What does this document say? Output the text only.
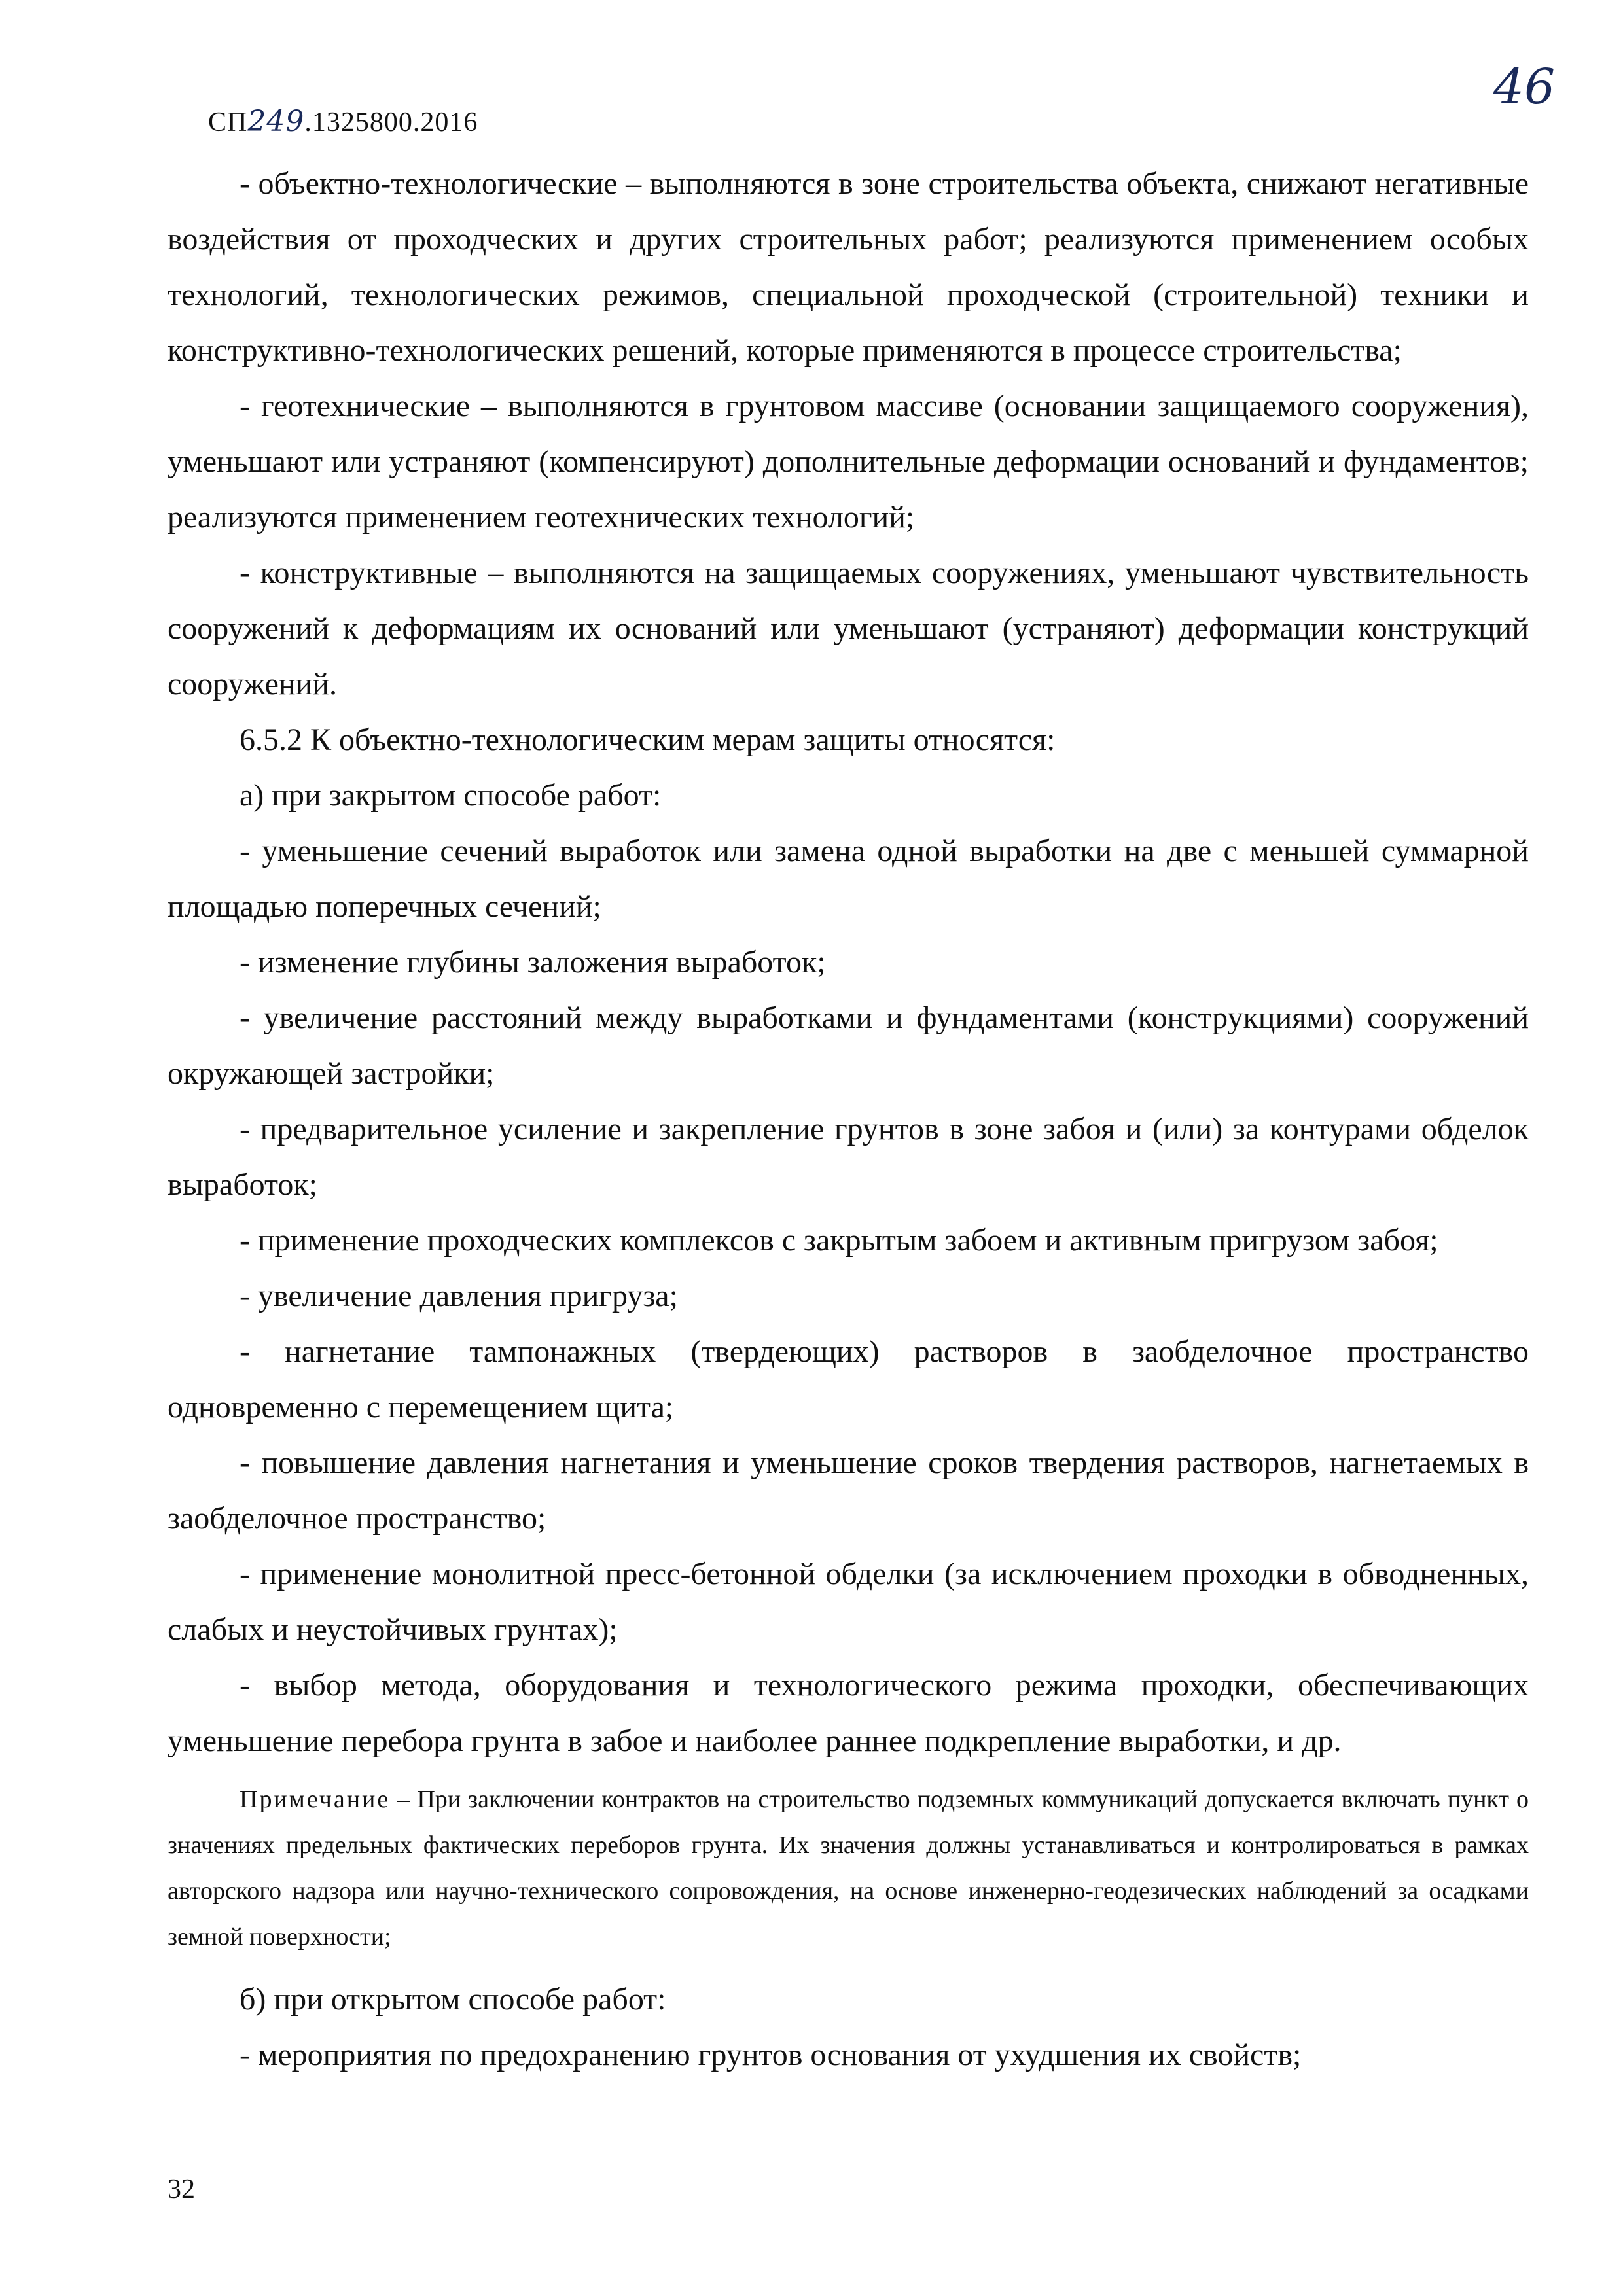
СП249.1325800.2016
46

- объектно-технологические – выполняются в зоне строительства объекта, снижают негативные воздействия от проходческих и других строительных работ; реализуются применением особых технологий, технологических режимов, специальной проходческой (строительной) техники и конструктивно-технологических решений, которые применяются в процессе строительства;

- геотехнические – выполняются в грунтовом массиве (основании защищаемого сооружения), уменьшают или устраняют (компенсируют) дополнительные деформации оснований и фундаментов; реализуются применением геотехнических технологий;

- конструктивные – выполняются на защищаемых сооружениях, уменьшают чувствительность сооружений к деформациям их оснований или уменьшают (устраняют) деформации конструкций сооружений.

6.5.2 К объектно-технологическим мерам защиты относятся:

а) при закрытом способе работ:

- уменьшение сечений выработок или замена одной выработки на две с меньшей суммарной площадью поперечных сечений;

- изменение глубины заложения выработок;

- увеличение расстояний между выработками и фундаментами (конструкциями) сооружений окружающей застройки;

- предварительное усиление и закрепление грунтов в зоне забоя и (или) за контурами обделок выработок;

- применение проходческих комплексов с закрытым забоем и активным пригрузом забоя;

- увеличение давления пригруза;

- нагнетание тампонажных (твердеющих) растворов в заобделочное пространство одновременно с перемещением щита;

- повышение давления нагнетания и уменьшение сроков твердения растворов, нагнетаемых в заобделочное пространство;

- применение монолитной пресс-бетонной обделки (за исключением проходки в обводненных, слабых и неустойчивых грунтах);

- выбор метода, оборудования и технологического режима проходки, обеспечивающих уменьшение перебора грунта в забое и наиболее раннее подкрепление выработки, и др.

Примечание – При заключении контрактов на строительство подземных коммуникаций допускается включать пункт о значениях предельных фактических переборов грунта. Их значения должны устанавливаться и контролироваться в рамках авторского надзора или научно-технического сопровождения, на основе инженерно-геодезических наблюдений за осадками земной поверхности;

б) при открытом способе работ:

- мероприятия по предохранению грунтов основания от ухудшения их свойств;

32
